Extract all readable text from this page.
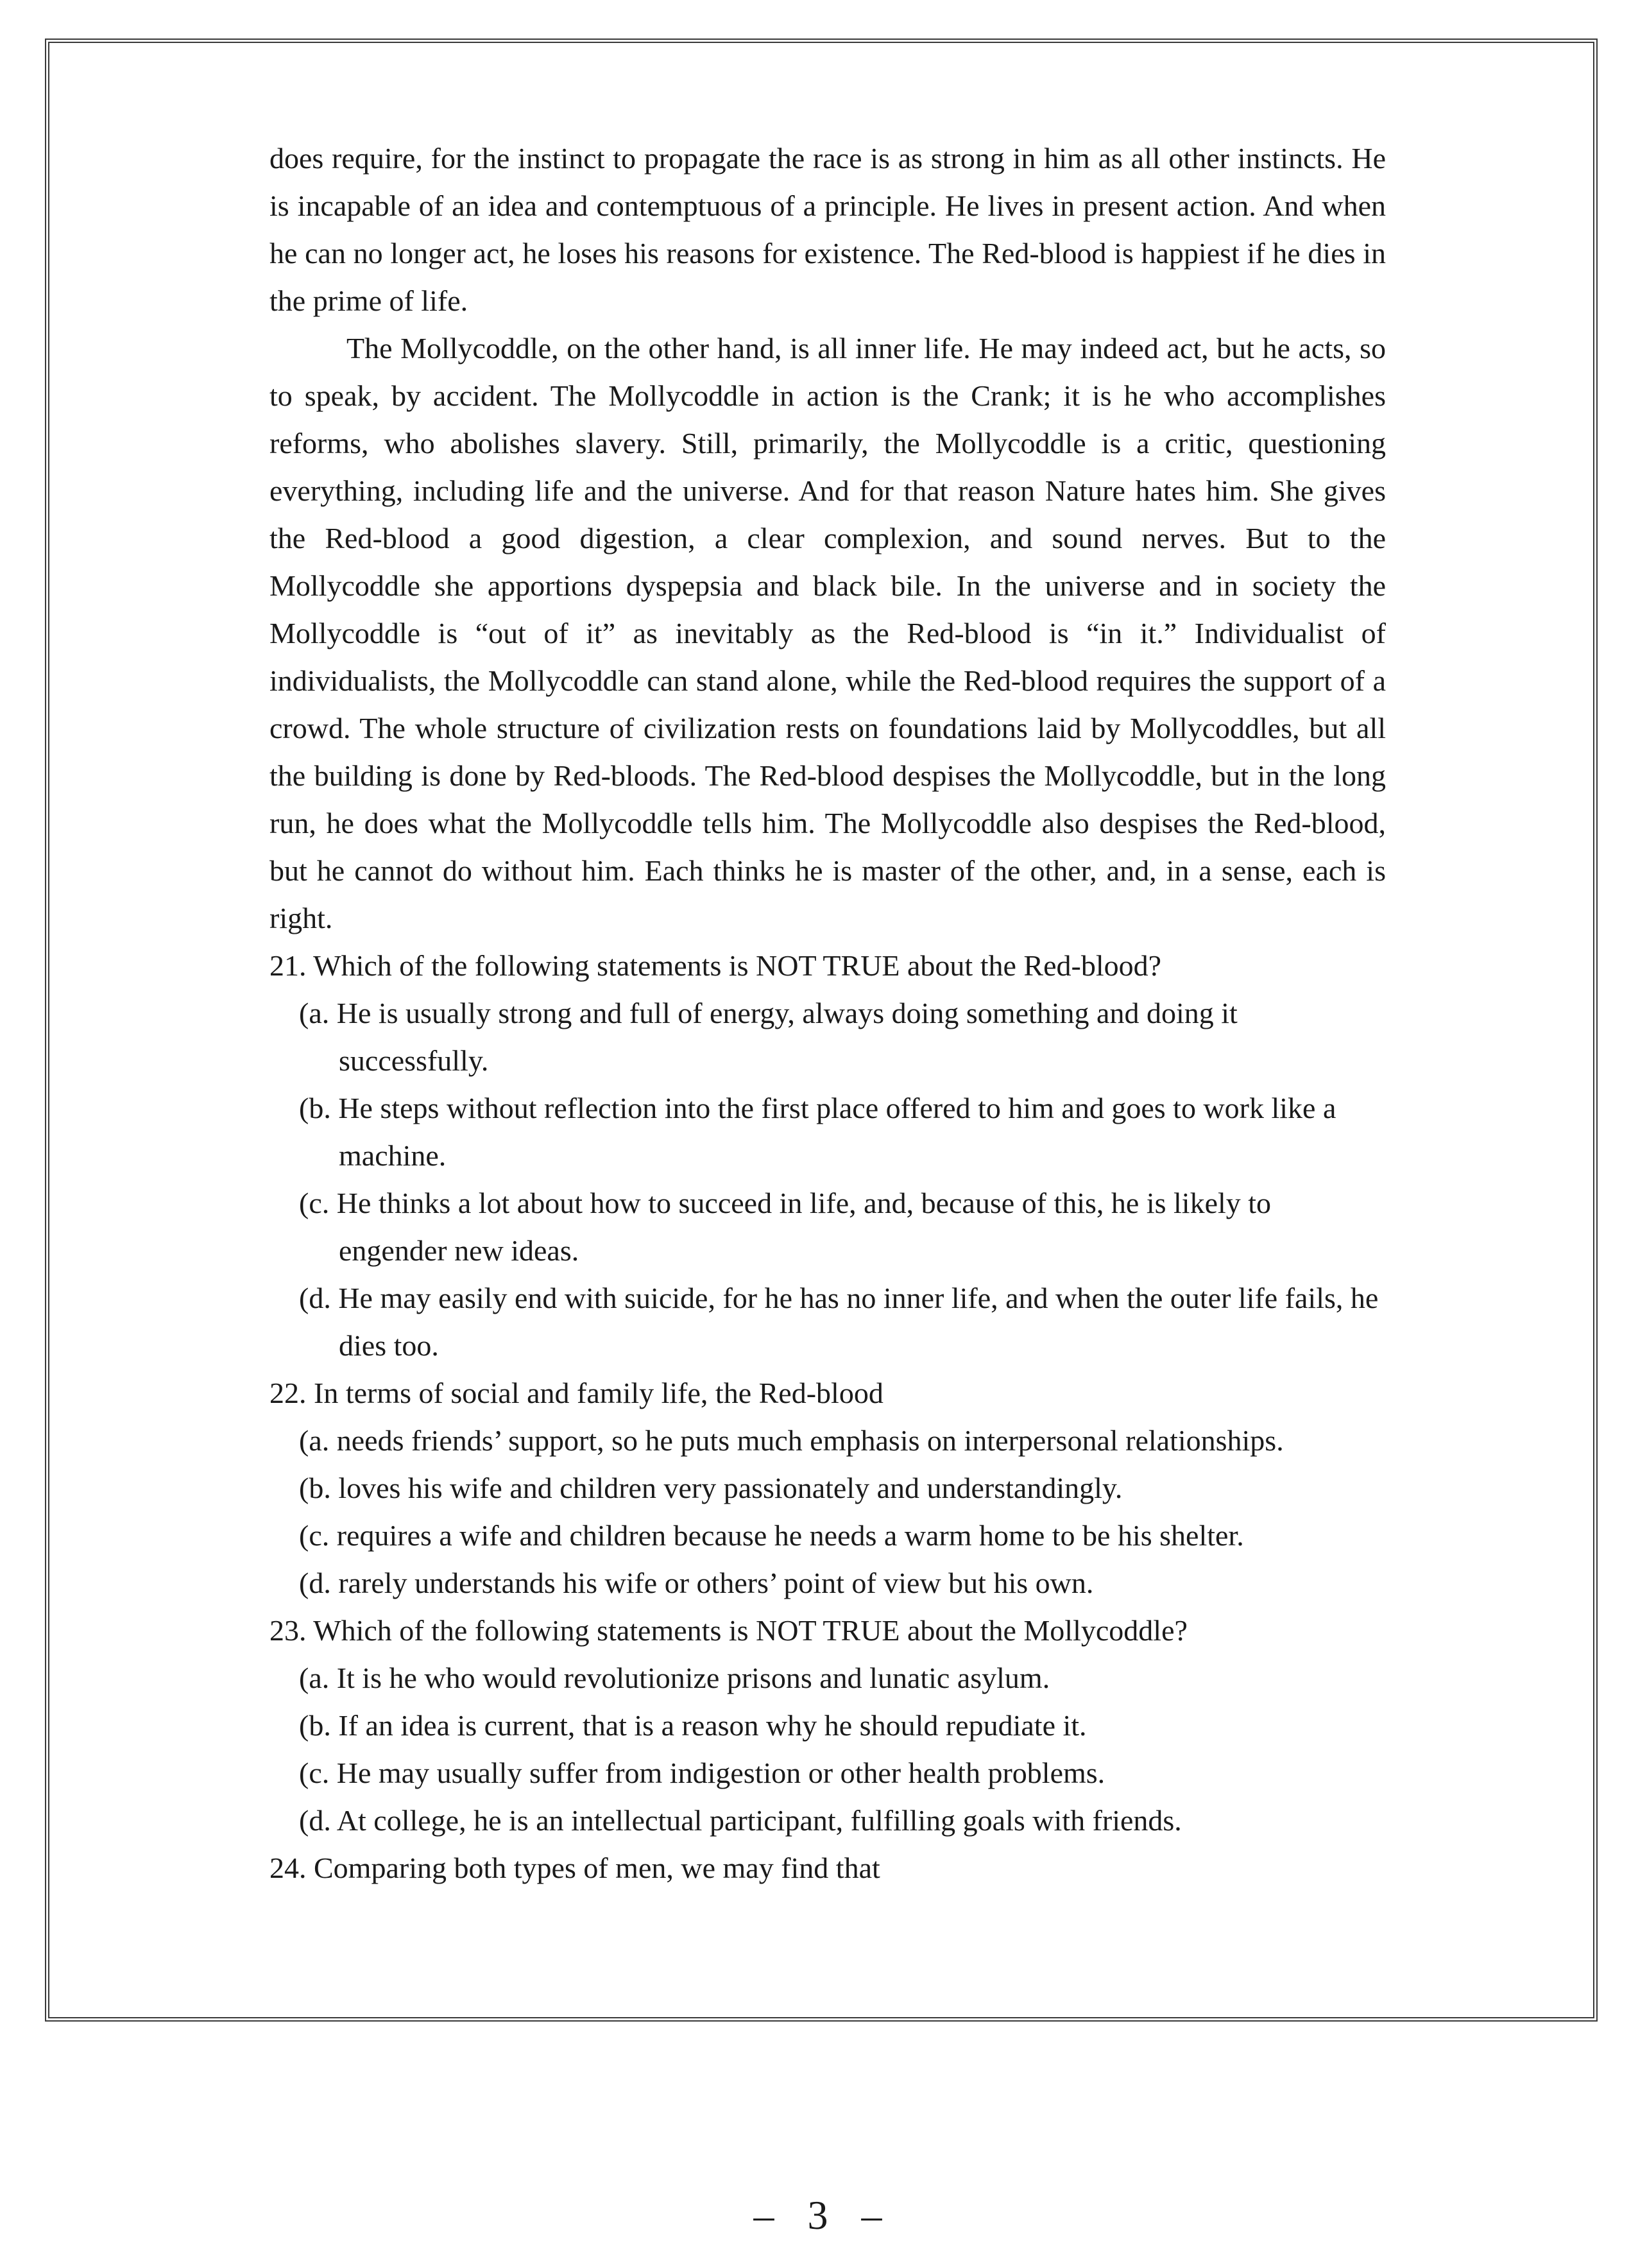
does require, for the instinct to propagate the race is as strong in him as all other instincts. He is incapable of an idea and contemptuous of a principle. He lives in present action. And when he can no longer act, he loses his reasons for existence. The Red-blood is happiest if he dies in the prime of life.

The Mollycoddle, on the other hand, is all inner life. He may indeed act, but he acts, so to speak, by accident. The Mollycoddle in action is the Crank; it is he who accomplishes reforms, who abolishes slavery. Still, primarily, the Mollycoddle is a critic, questioning everything, including life and the universe. And for that reason Nature hates him. She gives the Red-blood a good digestion, a clear complexion, and sound nerves. But to the Mollycoddle she apportions dyspepsia and black bile. In the universe and in society the Mollycoddle is “out of it” as inevitably as the Red-blood is “in it.” Individualist of individualists, the Mollycoddle can stand alone, while the Red-blood requires the support of a crowd. The whole structure of civilization rests on foundations laid by Mollycoddles, but all the building is done by Red-bloods. The Red-blood despises the Mollycoddle, but in the long run, he does what the Mollycoddle tells him. The Mollycoddle also despises the Red-blood, but he cannot do without him. Each thinks he is master of the other, and, in a sense, each is right.

21. Which of the following statements is NOT TRUE about the Red-blood?

(a. He is usually strong and full of energy, always doing something and doing it successfully.

(b. He steps without reflection into the first place offered to him and goes to work like a machine.

(c. He thinks a lot about how to succeed in life, and, because of this, he is likely to engender new ideas.

(d. He may easily end with suicide, for he has no inner life, and when the outer life fails, he dies too.

22. In terms of social and family life, the Red-blood

(a. needs friends’ support, so he puts much emphasis on interpersonal relationships.

(b. loves his wife and children very passionately and understandingly.

(c. requires a wife and children because he needs a warm home to be his shelter.

(d. rarely understands his wife or others’ point of view but his own.

23. Which of the following statements is NOT TRUE about the Mollycoddle?

(a. It is he who would revolutionize prisons and lunatic asylum.

(b. If an idea is current, that is a reason why he should repudiate it.

(c. He may usually suffer from indigestion or other health problems.

(d. At college, he is an intellectual participant, fulfilling goals with friends.

24. Comparing both types of men, we may find that

– 3 –
